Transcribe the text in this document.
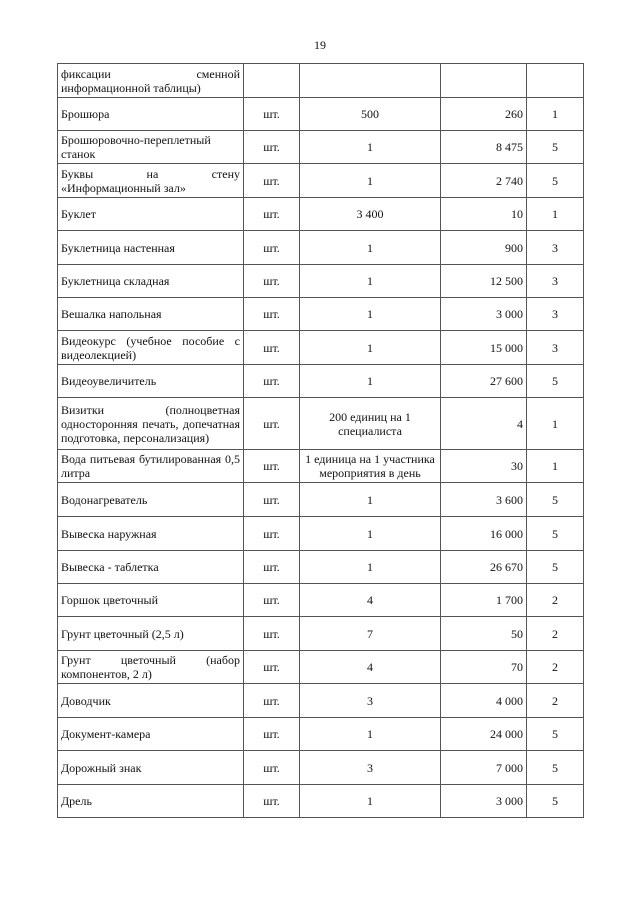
19
фиксации сменной информационной таблицы)				
Брошюра	шт.	500	260	1
Брошюровочно-переплетный станок	шт.	1	8 475	5
Буквы на стену «Информационный зал»	шт.	1	2 740	5
Буклет	шт.	3 400	10	1
Буклетница настенная	шт.	1	900	3
Буклетница складная	шт.	1	12 500	3
Вешалка напольная	шт.	1	3 000	3
Видеокурс (учебное пособие с видеолекцией)	шт.	1	15 000	3
Видеоувеличитель	шт.	1	27 600	5
Визитки (полноцветная односторонняя печать, допечатная подготовка, персонализация)	шт.	200 единиц на 1 специалиста	4	1
Вода питьевая бутилированная 0,5 литра	шт.	1 единица на 1 участника мероприятия в день	30	1
Водонагреватель	шт.	1	3 600	5
Вывеска наружная	шт.	1	16 000	5
Вывеска - таблетка	шт.	1	26 670	5
Горшок цветочный	шт.	4	1 700	2
Грунт цветочный (2,5 л)	шт.	7	50	2
Грунт цветочный (набор компонентов, 2 л)	шт.	4	70	2
Доводчик	шт.	3	4 000	2
Документ-камера	шт.	1	24 000	5
Дорожный знак	шт.	3	7 000	5
Дрель	шт.	1	3 000	5
